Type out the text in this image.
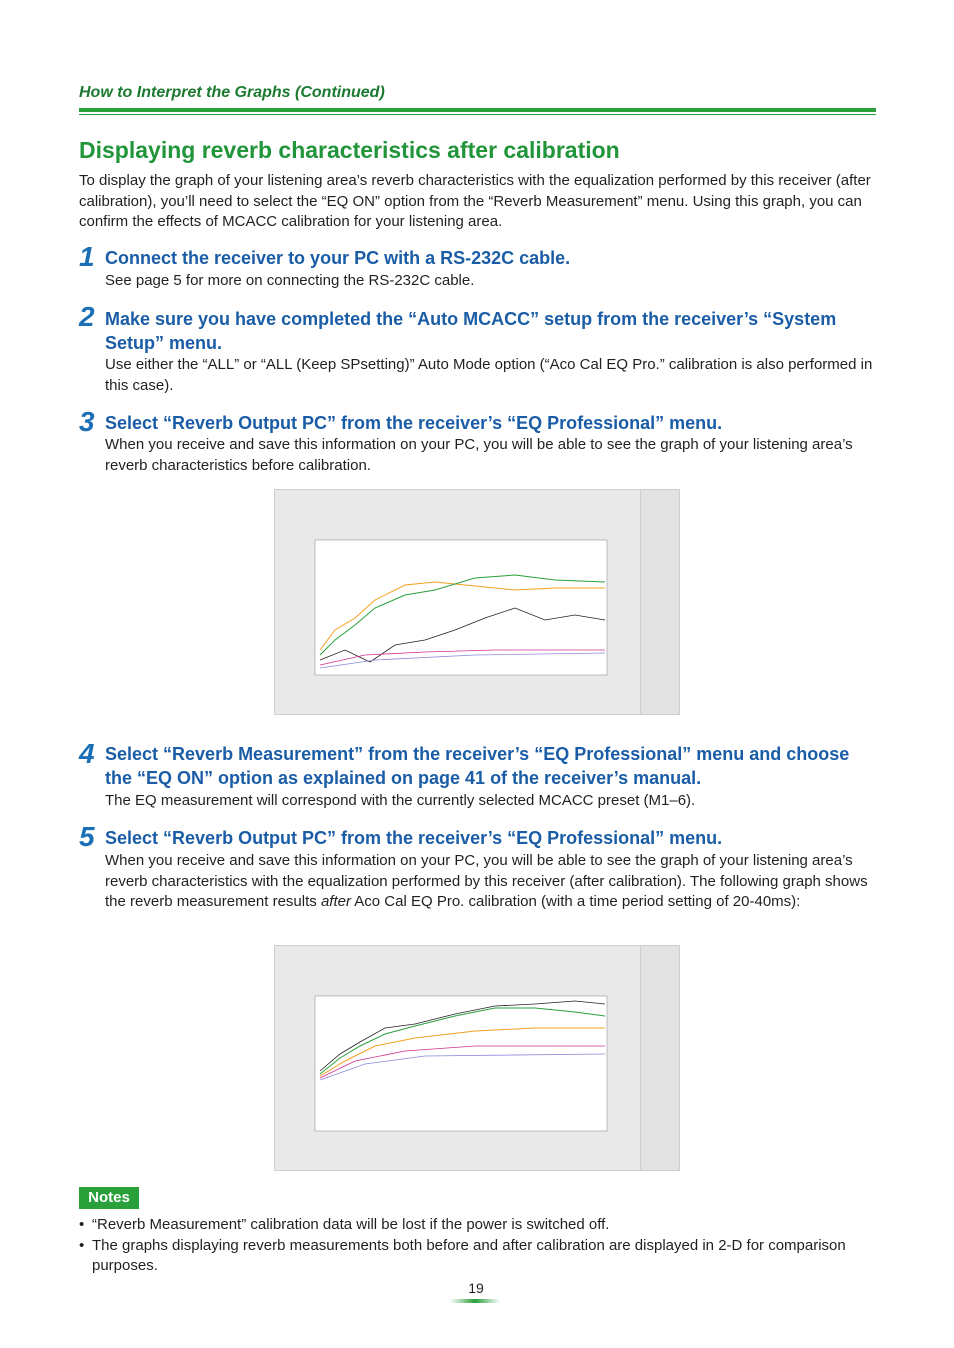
How to Interpret the Graphs (Continued)
Displaying reverb characteristics after calibration
To display the graph of your listening area’s reverb characteristics with the equalization performed by this receiver (after calibration), you’ll need to select the “EQ ON” option from the “Reverb Measurement” menu. Using this graph, you can confirm the effects of MCACC calibration for your listening area.
1 Connect the receiver to your PC with a RS-232C cable.
See page 5 for more on connecting the RS-232C cable.
2 Make sure you have completed the “Auto MCACC” setup from the receiver’s “System Setup” menu.
Use either the “ALL” or “ALL (Keep SPsetting)” Auto Mode option (“Aco Cal EQ Pro.” calibration is also performed in this case).
3 Select “Reverb Output PC” from the receiver’s “EQ Professional” menu.
When you receive and save this information on your PC, you will be able to see the graph of your listening area’s reverb characteristics before calibration.
4 Select “Reverb Measurement” from the receiver’s “EQ Professional” menu and choose the “EQ ON” option as explained on page 41 of the receiver’s manual.
The EQ measurement will correspond with the currently selected MCACC preset (M1–6).
5 Select “Reverb Output PC” from the receiver’s “EQ Professional” menu.
When you receive and save this information on your PC, you will be able to see the graph of your listening area’s reverb characteristics with the equalization performed by this receiver (after calibration). The following graph shows the reverb measurement results after Aco Cal EQ Pro. calibration (with a time period setting of 20-40ms):
Notes
• “Reverb Measurement” calibration data will be lost if the power is switched off.
• The graphs displaying reverb measurements both before and after calibration are displayed in 2-D for comparison purposes.
19
